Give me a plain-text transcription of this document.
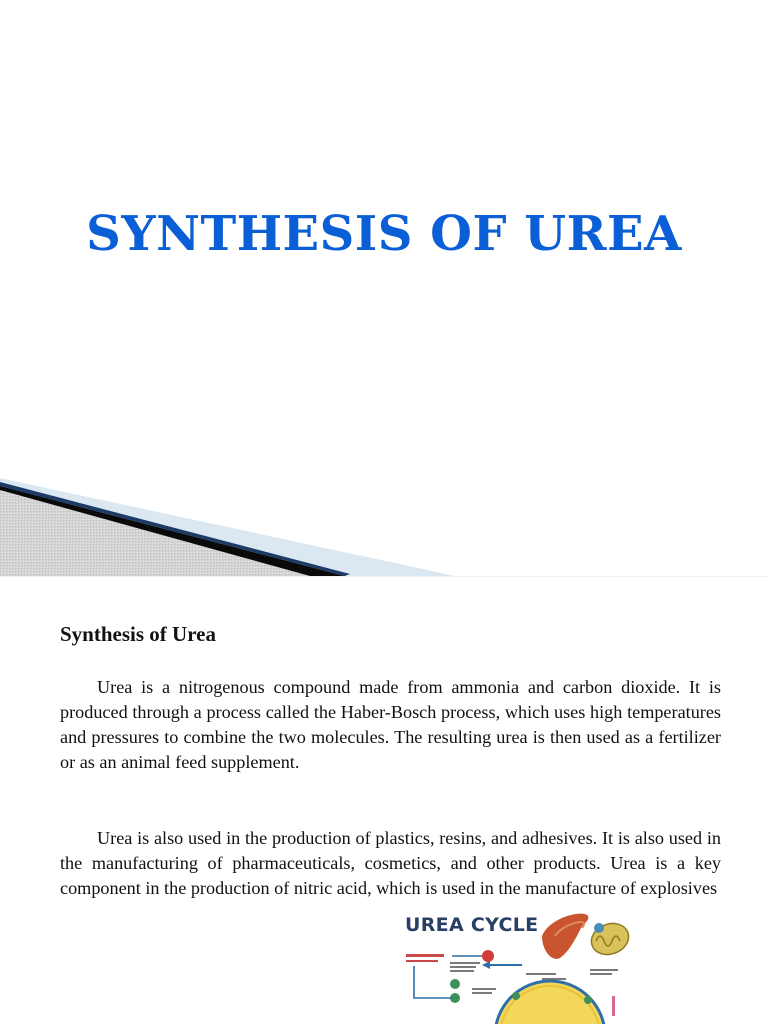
SYNTHESIS OF UREA
Synthesis of Urea

Urea is a nitrogenous compound made from ammonia and carbon dioxide. It is produced through a process called the Haber-Bosch process, which uses high temperatures and pressures to combine the two molecules. The resulting urea is then used as a fertilizer or as an animal feed supplement.

Urea is also used in the production of plastics, resins, and adhesives. It is also used in the manufacturing of pharmaceuticals, cosmetics, and other products. Urea is a key component in the production of nitric acid, which is used in the manufacture of explosives

UREA CYCLE
